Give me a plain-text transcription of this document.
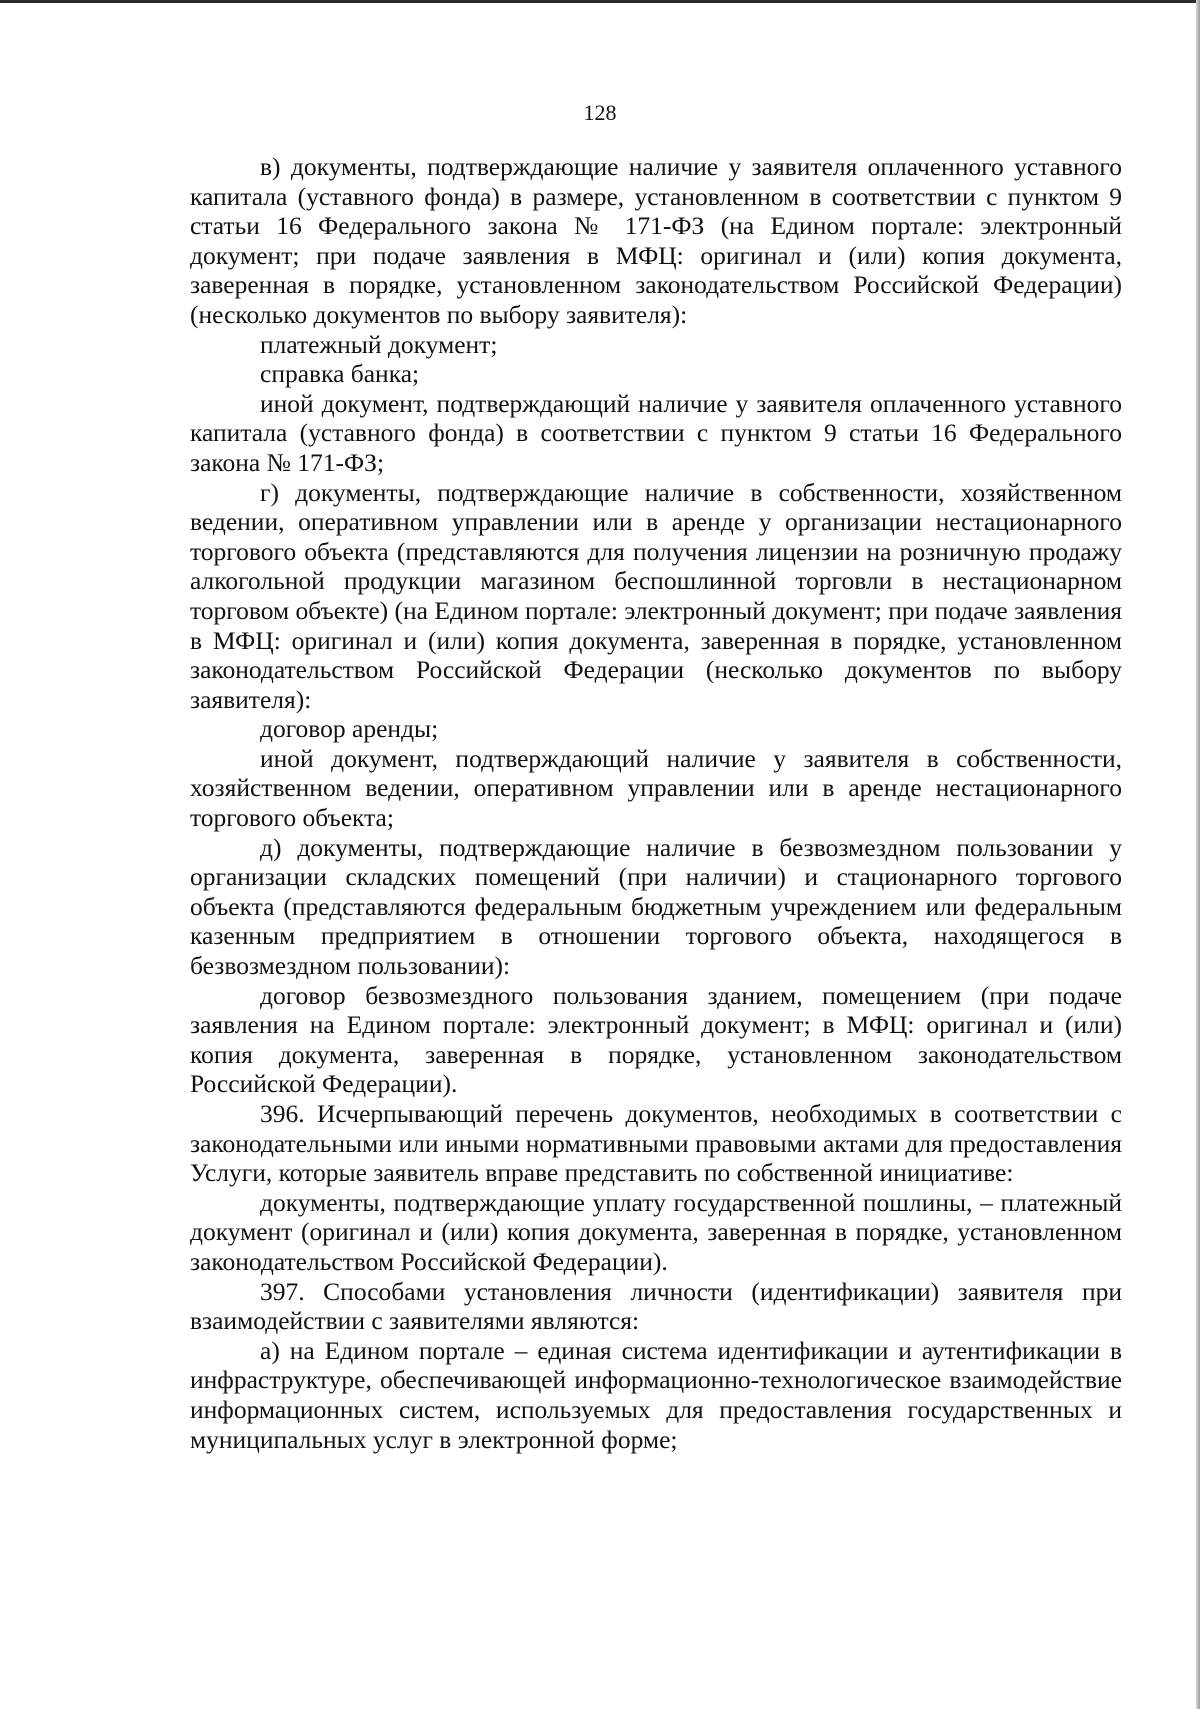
128

в) документы, подтверждающие наличие у заявителя оплаченного уставного капитала (уставного фонда) в размере, установленном в соответствии с пунктом 9 статьи 16 Федерального закона № 171-ФЗ (на Едином портале: электронный документ; при подаче заявления в МФЦ: оригинал и (или) копия документа, заверенная в порядке, установленном законодательством Российской Федерации) (несколько документов по выбору заявителя):

платежный документ;

справка банка;

иной документ, подтверждающий наличие у заявителя оплаченного уставного капитала (уставного фонда) в соответствии с пунктом 9 статьи 16 Федерального закона № 171-ФЗ;

г) документы, подтверждающие наличие в собственности, хозяйственном ведении, оперативном управлении или в аренде у организации нестационарного торгового объекта (представляются для получения лицензии на розничную продажу алкогольной продукции магазином беспошлинной торговли в нестационарном торговом объекте) (на Едином портале: электронный документ; при подаче заявления в МФЦ: оригинал и (или) копия документа, заверенная в порядке, установленном законодательством Российской Федерации (несколько документов по выбору заявителя):

договор аренды;

иной документ, подтверждающий наличие у заявителя в собственности, хозяйственном ведении, оперативном управлении или в аренде нестационарного торгового объекта;

д) документы, подтверждающие наличие в безвозмездном пользовании у организации складских помещений (при наличии) и стационарного торгового объекта (представляются федеральным бюджетным учреждением или федеральным казенным предприятием в отношении торгового объекта, находящегося в безвозмездном пользовании):

договор безвозмездного пользования зданием, помещением (при подаче заявления на Едином портале: электронный документ; в МФЦ: оригинал и (или) копия документа, заверенная в порядке, установленном законодательством Российской Федерации).

396. Исчерпывающий перечень документов, необходимых в соответствии с законодательными или иными нормативными правовыми актами для предоставления Услуги, которые заявитель вправе представить по собственной инициативе:

документы, подтверждающие уплату государственной пошлины, – платежный документ (оригинал и (или) копия документа, заверенная в порядке, установленном законодательством Российской Федерации).

397. Способами установления личности (идентификации) заявителя при взаимодействии с заявителями являются:

а) на Едином портале – единая система идентификации и аутентификации в инфраструктуре, обеспечивающей информационно-технологическое взаимодействие информационных систем, используемых для предоставления государственных и муниципальных услуг в электронной форме;
